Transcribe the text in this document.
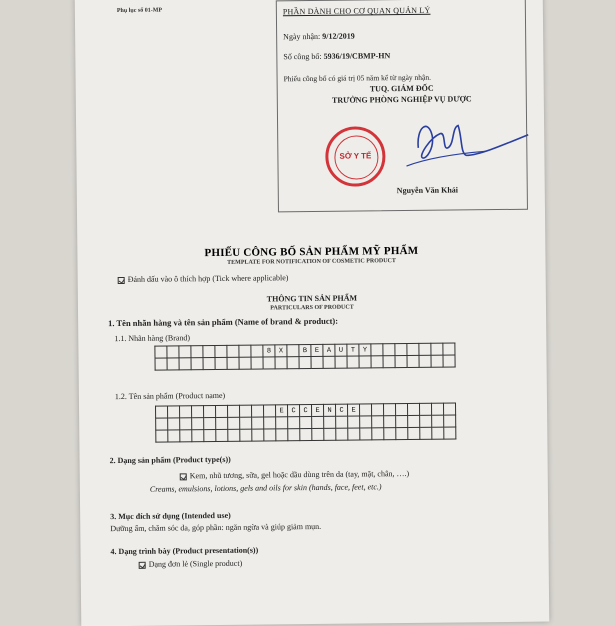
Phụ lục số 01-MP	PHẦN DÀNH CHO CƠ QUAN QUẢN LÝ
Ngày nhận: 9/12/2019
Số công bố: 5936/19/CBMP-HN
Phiếu công bố có giá trị 05 năm kể từ ngày nhận.
TUQ. GIÁM ĐỐC
TRƯỞNG PHÒNG NGHIỆP VỤ DƯỢC
SỞ Y TẾ
Nguyễn Văn Khải
PHIẾU CÔNG BỐ SẢN PHẨM MỸ PHẨM
TEMPLATE FOR NOTIFICATION OF COSMETIC PRODUCT
Đánh dấu vào ô thích hợp (Tick where applicable)
THÔNG TIN SẢN PHẨM
PARTICULARS OF PRODUCT
1. Tên nhãn hàng và tên sản phẩm (Name of brand & product):
1.1. Nhãn hàng (Brand)
									8	X		B	E	A	U	T	Y							

1.2. Tên sản phẩm (Product name)
										E	C	C	E	N	C	E								

2. Dạng sản phẩm (Product type(s))
Kem, nhũ tương, sữa, gel hoặc dầu dùng trên da (tay, mặt, chân, ….)
Creams, emulsions, lotions, gels and oils for skin (hands, face, feet, etc.)
3. Mục đích sử dụng (Intended use)
Dưỡng ẩm, chăm sóc da, góp phần: ngăn ngừa và giúp giảm mụn.
4. Dạng trình bày (Product presentation(s))
Dạng đơn lẻ (Single product)
